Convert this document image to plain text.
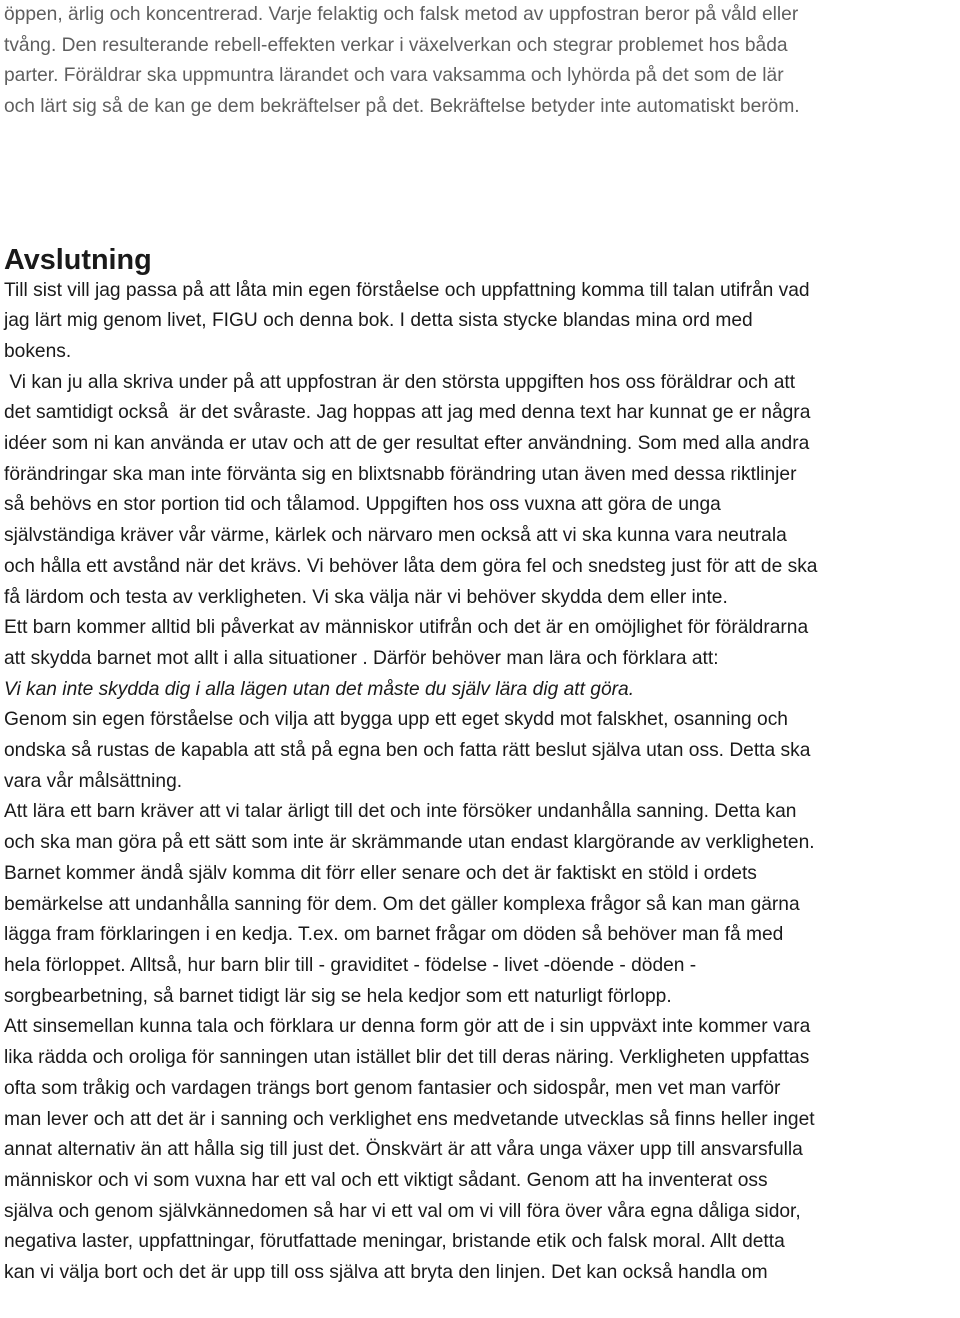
öppen, ärlig och koncentrerad. Varje felaktig och falsk metod av uppfostran beror på våld eller
tvång. Den resulterande rebell-effekten verkar i växelverkan och stegrar problemet hos båda
parter. Föräldrar ska uppmuntra lärandet och vara vaksamma och lyhörda på det som de lär
och lärt sig så de kan ge dem bekräftelser på det. Bekräftelse betyder inte automatiskt beröm.

Avslutning
Till sist vill jag passa på att låta min egen förståelse och uppfattning komma till talan utifrån vad
jag lärt mig genom livet, FIGU och denna bok. I detta sista stycke blandas mina ord med
bokens.
Vi kan ju alla skriva under på att uppfostran är den största uppgiften hos oss föräldrar och att
det samtidigt också  är det svåraste. Jag hoppas att jag med denna text har kunnat ge er några
idéer som ni kan använda er utav och att de ger resultat efter användning. Som med alla andra
förändringar ska man inte förvänta sig en blixtsnabb förändring utan även med dessa riktlinjer
så behövs en stor portion tid och tålamod. Uppgiften hos oss vuxna att göra de unga
självständiga kräver vår värme, kärlek och närvaro men också att vi ska kunna vara neutrala
och hålla ett avstånd när det krävs. Vi behöver låta dem göra fel och snedsteg just för att de ska
få lärdom och testa av verkligheten. Vi ska välja när vi behöver skydda dem eller inte.
Ett barn kommer alltid bli påverkat av människor utifrån och det är en omöjlighet för föräldrarna
att skydda barnet mot allt i alla situationer . Därför behöver man lära och förklara att:
Vi kan inte skydda dig i alla lägen utan det måste du själv lära dig att göra.
Genom sin egen förståelse och vilja att bygga upp ett eget skydd mot falskhet, osanning och
ondska så rustas de kapabla att stå på egna ben och fatta rätt beslut själva utan oss. Detta ska
vara vår målsättning.
Att lära ett barn kräver att vi talar ärligt till det och inte försöker undanhålla sanning. Detta kan
och ska man göra på ett sätt som inte är skrämmande utan endast klargörande av verkligheten.
Barnet kommer ändå själv komma dit förr eller senare och det är faktiskt en stöld i ordets
bemärkelse att undanhålla sanning för dem. Om det gäller komplexa frågor så kan man gärna
lägga fram förklaringen i en kedja. T.ex. om barnet frågar om döden så behöver man få med
hela förloppet. Alltså, hur barn blir till - graviditet - födelse - livet -döende - döden -
sorgbearbetning, så barnet tidigt lär sig se hela kedjor som ett naturligt förlopp.
Att sinsemellan kunna tala och förklara ur denna form gör att de i sin uppväxt inte kommer vara
lika rädda och oroliga för sanningen utan istället blir det till deras näring. Verkligheten uppfattas
ofta som tråkig och vardagen trängs bort genom fantasier och sidospår, men vet man varför
man lever och att det är i sanning och verklighet ens medvetande utvecklas så finns heller inget
annat alternativ än att hålla sig till just det. Önskvärt är att våra unga växer upp till ansvarsfulla
människor och vi som vuxna har ett val och ett viktigt sådant. Genom att ha inventerat oss
själva och genom självkännedomen så har vi ett val om vi vill föra över våra egna dåliga sidor,
negativa laster, uppfattningar, förutfattade meningar, bristande etik och falsk moral. Allt detta
kan vi välja bort och det är upp till oss själva att bryta den linjen. Det kan också handla om
